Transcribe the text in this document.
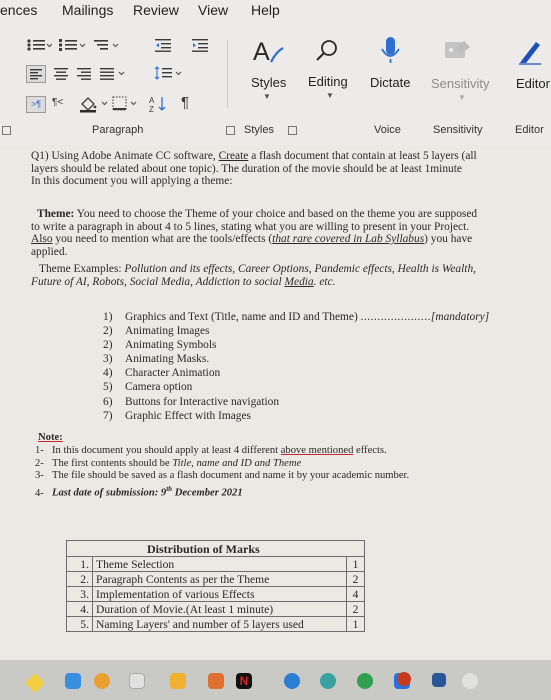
ences Mailings Review View Help
>¶	¶<	A
Z ¶
A
Styles
▼
Editing
▼
Dictate Sensitivity
▼
Editor
Paragraph	Styles	Voice	Sensitivity	Editor
Q1) Using Adobe Animate CC software, Create a flash document that contain at least 5 layers (all
layers should be related about one topic). The duration of the movie should be at least 1minute
In this document you will applying a theme:
Theme: You need to choose the Theme of your choice and based on the theme you are supposed
to write a paragraph in about 4 to 5 lines, stating what you are willing to present in your Project.
Also you need to mention what are the tools/effects (that rare covered in Lab Syllabus) you have
applied.
Theme Examples: Pollution and its effects, Career Options, Pandemic effects, Health is Wealth,
Future of AI, Robots, Social Media, Addiction to social Media. etc.
1) Graphics and Text (Title, name and ID and Theme) .....................[mandatory]
2) Animating Images
2) Animating Symbols
3) Animating Masks.
4) Character Animation
5) Camera option
6) Buttons for Interactive navigation
7) Graphic Effect with Images
Note:
1- In this document you should apply at least 4 different above mentioned effects.
2- The first contents should be Title, name and ID and Theme
3- The file should be saved as a flash document and name it by your academic number.
4- Last date of submission: 9th December 2021
Distribution of Marks		
1.	Theme Selection	1
2.	Paragraph Contents as per the Theme	2
3.	Implementation of various Effects	4
4.	Duration of Movie.(At least 1 minute)	2
5.	Naming Layers' and number of 5 layers used	1
N
